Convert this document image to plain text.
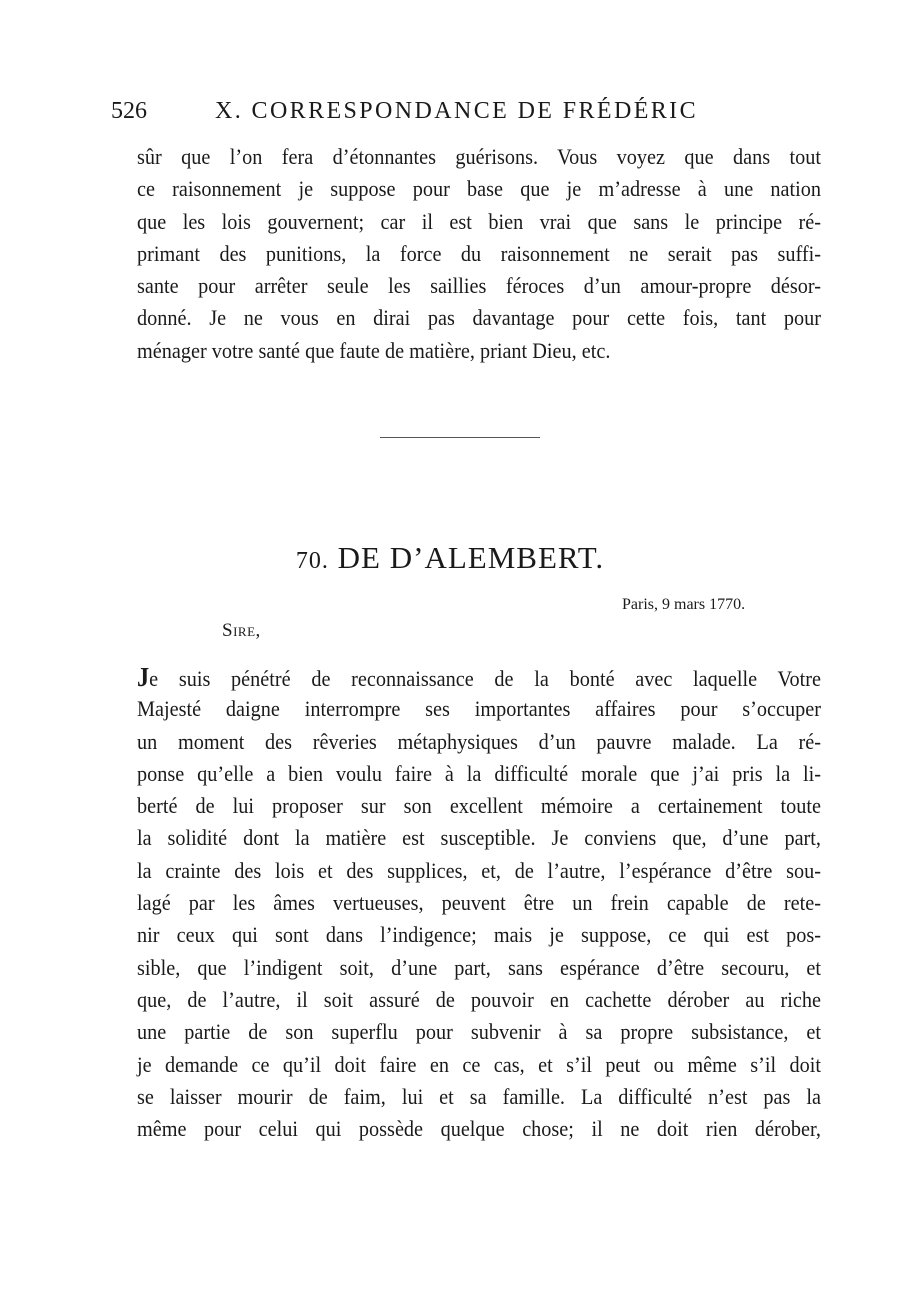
526	X. CORRESPONDANCE DE FRÉDÉRIC
sûr que l’on fera d’étonnantes guérisons. Vous voyez que dans tout
ce raisonnement je suppose pour base que je m’adresse à une nation
que les lois gouvernent; car il est bien vrai que sans le principe ré-
primant des punitions, la force du raisonnement ne serait pas suffi-
sante pour arrêter seule les saillies féroces d’un amour-propre désor-
donné. Je ne vous en dirai pas davantage pour cette fois, tant pour
ménager votre santé que faute de matière, priant Dieu, etc.
70. DE D’ALEMBERT.
Paris, 9 mars 1770.
Sire,
Je suis pénétré de reconnaissance de la bonté avec laquelle Votre
Majesté daigne interrompre ses importantes affaires pour s’occuper
un moment des rêveries métaphysiques d’un pauvre malade. La ré-
ponse qu’elle a bien voulu faire à la difficulté morale que j’ai pris la li-
berté de lui proposer sur son excellent mémoire a certainement toute
la solidité dont la matière est susceptible. Je conviens que, d’une part,
la crainte des lois et des supplices, et, de l’autre, l’espérance d’être sou-
lagé par les âmes vertueuses, peuvent être un frein capable de rete-
nir ceux qui sont dans l’indigence; mais je suppose, ce qui est pos-
sible, que l’indigent soit, d’une part, sans espérance d’être secouru, et
que, de l’autre, il soit assuré de pouvoir en cachette dérober au riche
une partie de son superflu pour subvenir à sa propre subsistance, et
je demande ce qu’il doit faire en ce cas, et s’il peut ou même s’il doit
se laisser mourir de faim, lui et sa famille. La difficulté n’est pas la
même pour celui qui possède quelque chose; il ne doit rien dérober,
